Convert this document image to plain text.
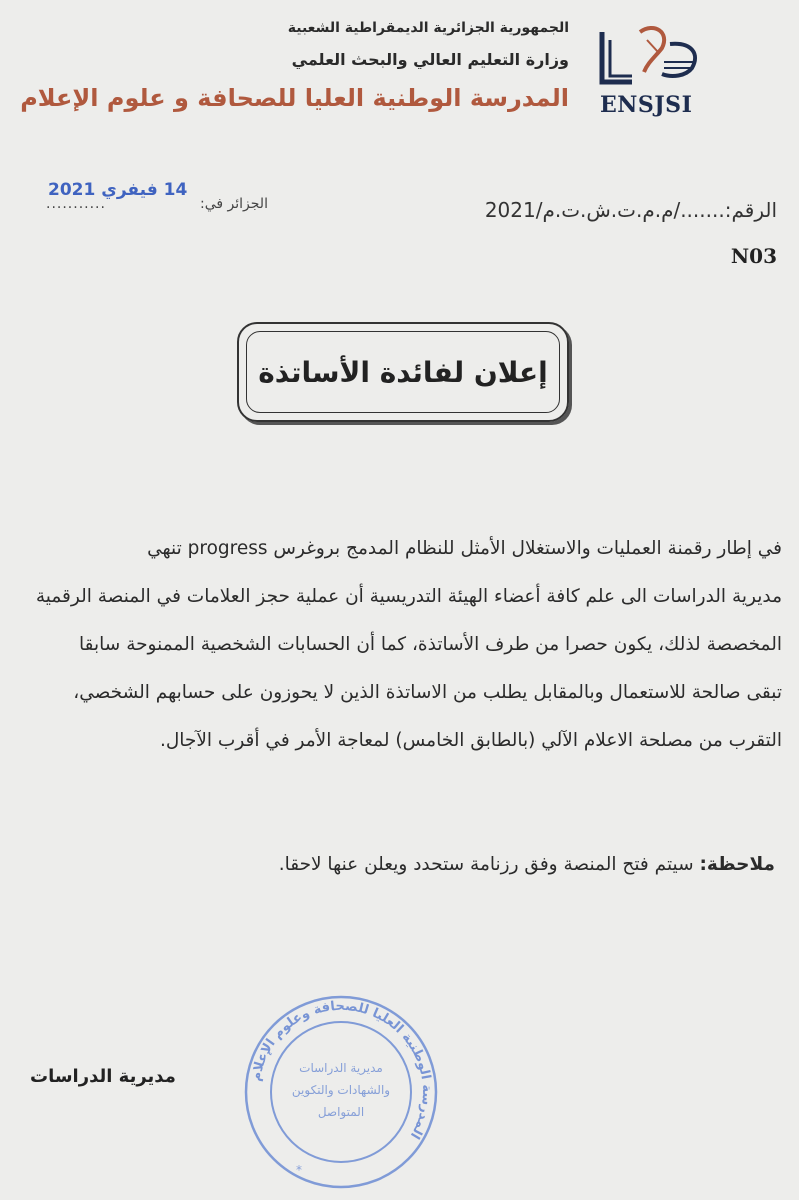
الجمهورية الجزائرية الديمقراطية الشعبية
وزارة التعليم العالي والبحث العلمي
المدرسة الوطنية العليا للصحافة و علوم الإعلام ENSJSI
14 فيفري 2021
...........	الجزائر في:	الرقم:......./م.م.ت.ش.ت.م/2021
N03
إعلان لفائدة الأساتذة
في إطار رقمنة العمليات والاستغلال الأمثل للنظام المدمج بروغرس progress تنهي
مديرية الدراسات الى علم كافة أعضاء الهيئة التدريسية أن عملية حجز العلامات في المنصة الرقمية
المخصصة لذلك، يكون حصرا من طرف الأساتذة، كما أن الحسابات الشخصية الممنوحة سابقا
تبقى صالحة للاستعمال وبالمقابل يطلب من الاساتذة الذين لا يحوزون على حسابهم الشخصي،
التقرب من مصلحة الاعلام الآلي (بالطابق الخامس) لمعاجة الأمر في أقرب الآجال.
ملاحظة: سيتم فتح المنصة وفق رزنامة ستحدد ويعلن عنها لاحقا.
مديرية الدراسات	المدرسة الوطنية العليا للصحافة وعلوم الإعلام
مديرية الدراسات
والشهادات والتكوين
المتواصل
*
